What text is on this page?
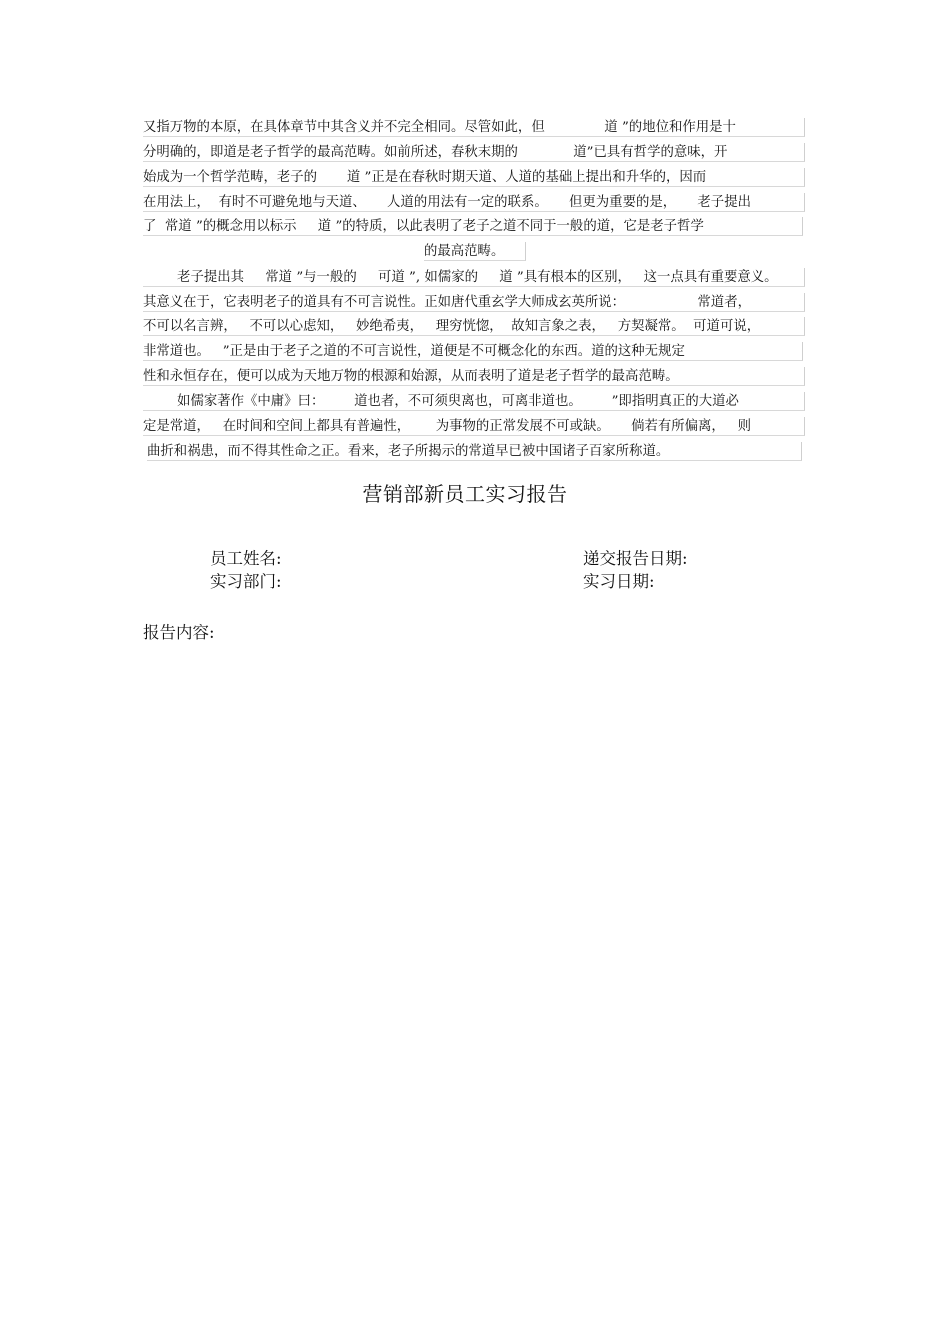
又指万物的本原，在具体章节中其含义并不完全相同。尽管如此，但              道 ”的地位和作用是十
分明确的，即道是老子哲学的最高范畴。如前所述，春秋末期的             道”已具有哲学的意味，开
始成为一个哲学范畴，老子的       道 ”正是在春秋时期天道、人道的基础上提出和升华的，因而
在用法上，  有时不可避免地与天道、     人道的用法有一定的联系。     但更为重要的是，     老子提出
了  常道 ”的概念用以标示     道 ”的特质，以此表明了老子之道不同于一般的道，它是老子哲学
的最高范畴。
老子提出其     常道 ”与一般的     可道 ”, 如儒家的     道 ”具有根本的区别，   这一点具有重要意义。
其意义在于，它表明老子的道具有不可言说性。正如唐代重玄学大师成玄英所说：                 常道者，
不可以名言辨，   不可以心虑知，   妙绝希夷，   理穷恍惚，  故知言象之表，   方契凝常。  可道可说，
非常道也。   ”正是由于老子之道的不可言说性，道便是不可概念化的东西。道的这种无规定
性和永恒存在，便可以成为天地万物的根源和始源，从而表明了道是老子哲学的最高范畴。
如儒家著作《中庸》曰：       道也者，不可须臾离也，可离非道也。       ”即指明真正的大道必
定是常道，   在时间和空间上都具有普遍性，      为事物的正常发展不可或缺。     倘若有所偏离，   则
曲折和祸患，而不得其性命之正。看来，老子所揭示的常道早已被中国诸子百家所称道。
营销部新员工实习报告
员工姓名:	递交报告日期:
实习部门:	实习日期:
报告内容:
